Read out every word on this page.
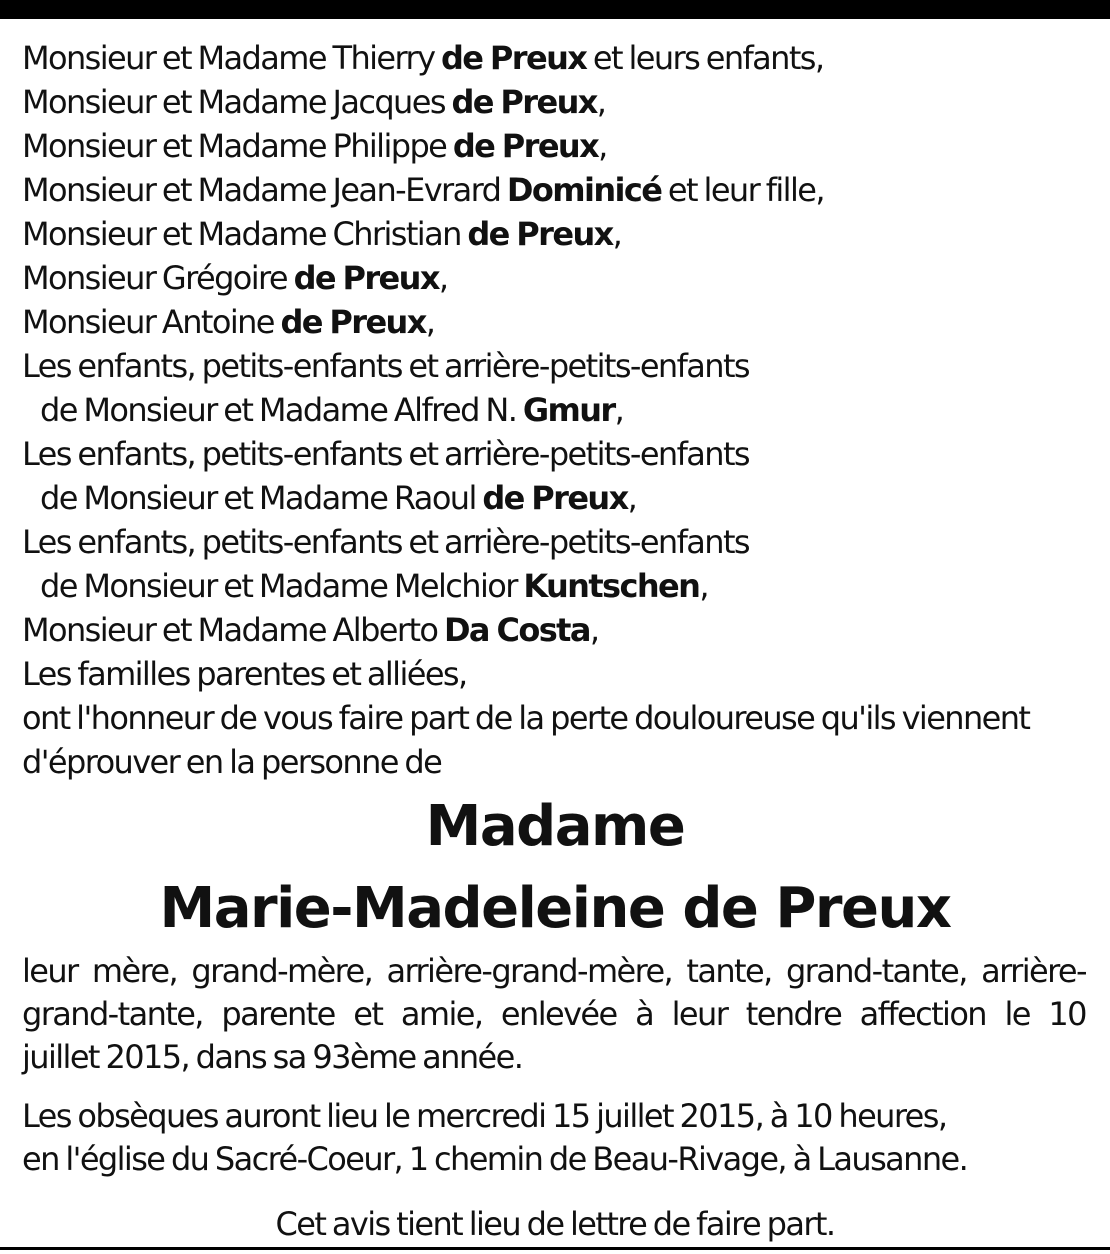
Monsieur et Madame Thierry de Preux et leurs enfants,
Monsieur et Madame Jacques de Preux,
Monsieur et Madame Philippe de Preux,
Monsieur et Madame Jean-Evrard Dominicé et leur fille,
Monsieur et Madame Christian de Preux,
Monsieur Grégoire de Preux,
Monsieur Antoine de Preux,
Les enfants, petits-enfants et arrière-petits-enfants
de Monsieur et Madame Alfred N. Gmur,
Les enfants, petits-enfants et arrière-petits-enfants
de Monsieur et Madame Raoul de Preux,
Les enfants, petits-enfants et arrière-petits-enfants
de Monsieur et Madame Melchior Kuntschen,
Monsieur et Madame Alberto Da Costa,
Les familles parentes et alliées,
ont l'honneur de vous faire part de la perte douloureuse qu'ils viennent
d'éprouver en la personne de
Madame
Marie-Madeleine de Preux
leur mère, grand-mère, arrière-grand-mère, tante, grand-tante, arrière-
grand-tante, parente et amie, enlevée à leur tendre affection le 10
juillet 2015, dans sa 93ème année.
Les obsèques auront lieu le mercredi 15 juillet 2015, à 10 heures,
en l'église du Sacré-Coeur, 1 chemin de Beau-Rivage, à Lausanne.
Cet avis tient lieu de lettre de faire part.
